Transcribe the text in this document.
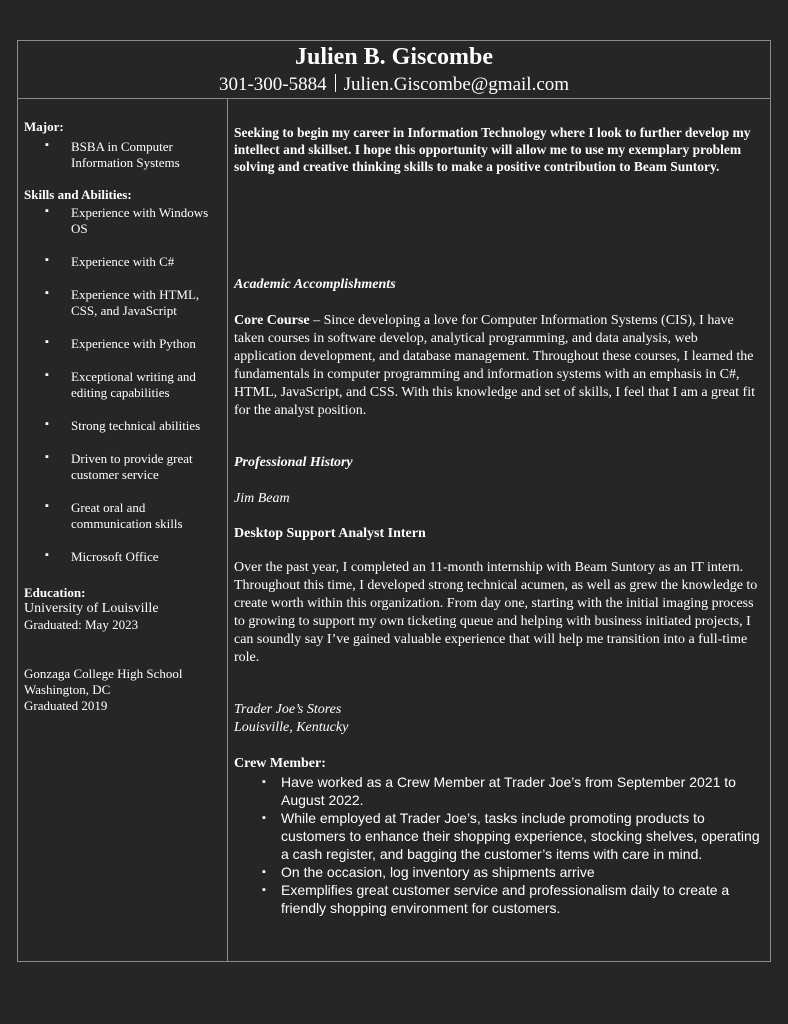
Julien B. Giscombe
301-300-5884 Julien.Giscombe@gmail.com
Major:
▪ BSBA in Computer Information Systems
Skills and Abilities:
▪ Experience with Windows OS
▪ Experience with C#
▪ Experience with HTML, CSS, and JavaScript
▪ Experience with Python
▪ Exceptional writing and editing capabilities
▪ Strong technical abilities
▪ Driven to provide great customer service
▪ Great oral and communication skills
▪ Microsoft Office
Education:
University of Louisville
Graduated: May 2023
Gonzaga College High School
Washington, DC
Graduated 2019
Seeking to begin my career in Information Technology where I look to further develop my intellect and skillset. I hope this opportunity will allow me to use my exemplary problem solving and creative thinking skills to make a positive contribution to Beam Suntory.
Academic Accomplishments
Core Course – Since developing a love for Computer Information Systems (CIS), I have taken courses in software develop, analytical programming, and data analysis, web application development, and database management. Throughout these courses, I learned the fundamentals in computer programming and information systems with an emphasis in C#, HTML, JavaScript, and CSS. With this knowledge and set of skills, I feel that I am a great fit for the analyst position.
Professional History
Jim Beam
Desktop Support Analyst Intern
Over the past year, I completed an 11-month internship with Beam Suntory as an IT intern. Throughout this time, I developed strong technical acumen, as well as grew the knowledge to create worth within this organization. From day one, starting with the initial imaging process to growing to support my own ticketing queue and helping with business initiated projects, I can soundly say I’ve gained valuable experience that will help me transition into a full-time role.
Trader Joe’s Stores
Louisville, Kentucky
Crew Member:
▪ Have worked as a Crew Member at Trader Joe’s from September 2021 to August 2022.
▪ While employed at Trader Joe’s, tasks include promoting products to customers to enhance their shopping experience, stocking shelves, operating a cash register, and bagging the customer’s items with care in mind.
▪ On the occasion, log inventory as shipments arrive
▪ Exemplifies great customer service and professionalism daily to create a friendly shopping environment for customers.
